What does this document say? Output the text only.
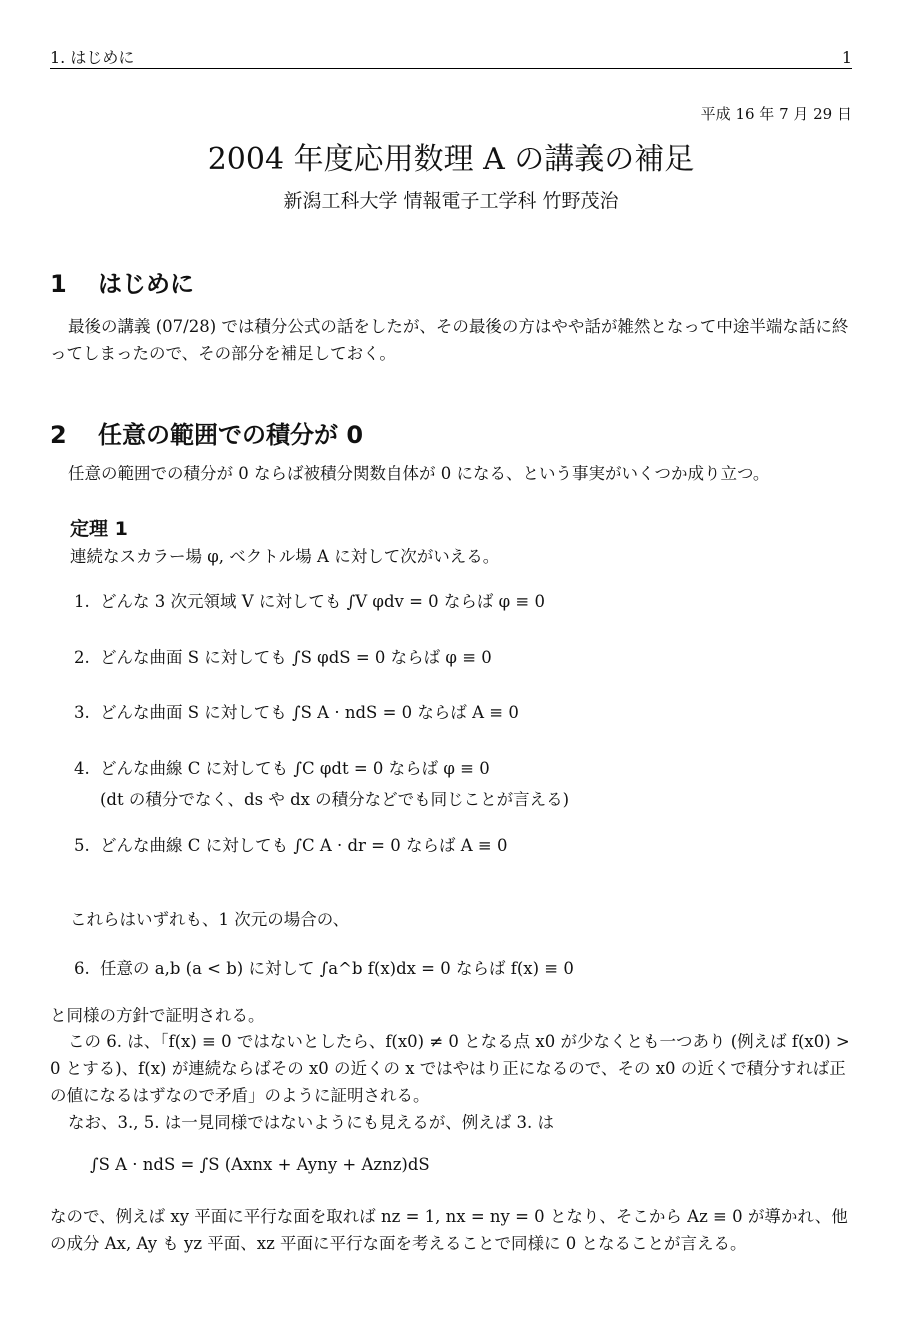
1. はじめに	1
平成 16 年 7 月 29 日
2004 年度応用数理 A の講義の補足
新潟工科大学 情報電子工学科 竹野茂治
1 はじめに
最後の講義 (07/28) では積分公式の話をしたが、その最後の方はやや話が雑然となって中途半端な話に終ってしまったので、その部分を補足しておく。
2 任意の範囲での積分が 0
任意の範囲での積分が 0 ならば被積分関数自体が 0 になる、という事実がいくつか成り立つ。
定理 1
連続なスカラー場 φ, ベクトル場 A に対して次がいえる。
1. どんな 3 次元領域 V に対しても ∫V φdv = 0 ならば φ ≡ 0
2. どんな曲面 S に対しても ∫S φdS = 0 ならば φ ≡ 0
3. どんな曲面 S に対しても ∫S A · ndS = 0 ならば A ≡ 0
4. どんな曲線 C に対しても ∫C φdt = 0 ならば φ ≡ 0
(dt の積分でなく、ds や dx の積分などでも同じことが言える)
5. どんな曲線 C に対しても ∫C A · dr = 0 ならば A ≡ 0
これらはいずれも、1 次元の場合の、
6. 任意の a,b (a < b) に対して ∫a^b f(x)dx = 0 ならば f(x) ≡ 0
と同様の方針で証明される。
この 6. は、「f(x) ≡ 0 ではないとしたら、f(x0) ≠ 0 となる点 x0 が少なくとも一つあり (例えば f(x0) > 0 とする)、f(x) が連続ならばその x0 の近くの x ではやはり正になるので、その x0 の近くで積分すれば正の値になるはずなので矛盾」のように証明される。
なお、3., 5. は一見同様ではないようにも見えるが、例えば 3. は
∫S A · ndS = ∫S (Axnx + Ayny + Aznz)dS
なので、例えば xy 平面に平行な面を取れば nz = 1, nx = ny = 0 となり、そこから Az ≡ 0 が導かれ、他の成分 Ax, Ay も yz 平面、xz 平面に平行な面を考えることで同様に 0 となることが言える。
